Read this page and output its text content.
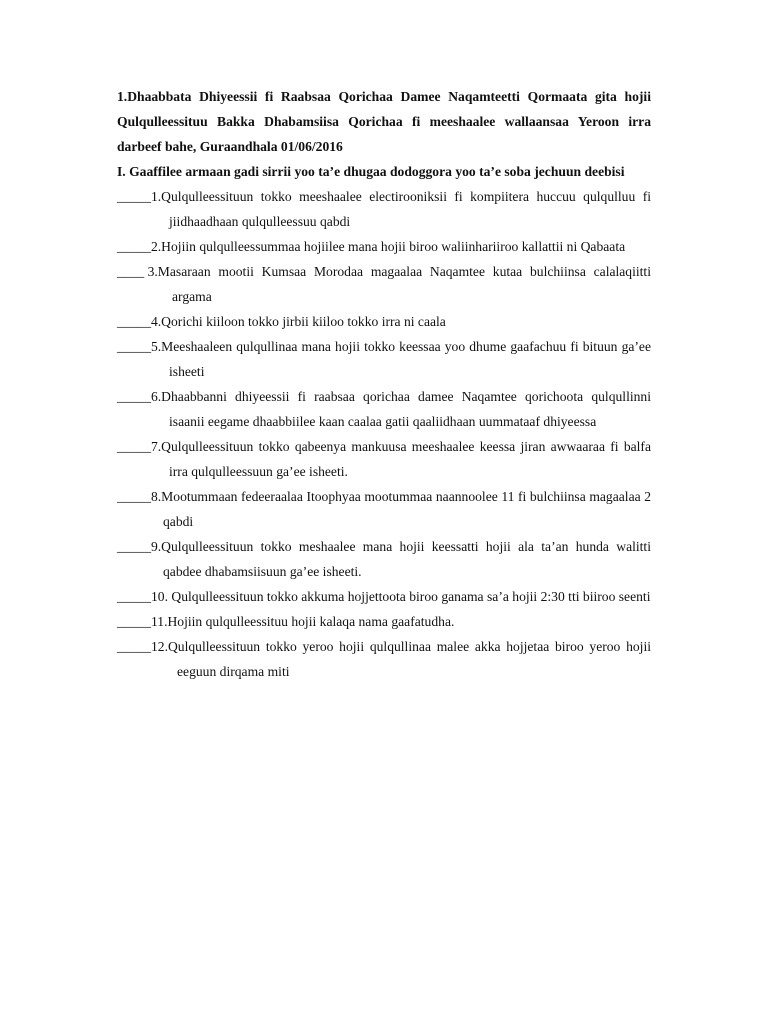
1.Dhaabbata Dhiyeessii fi Raabsaa Qorichaa Damee Naqamteetti Qormaata gita hojii Qulqulleessituu Bakka Dhabamsiisa Qorichaa fi meeshaalee wallaansaa Yeroon irra darbeef bahe, Guraandhala 01/06/2016

I. Gaaffilee armaan gadi sirrii yoo ta’e dhugaa dodoggora yoo ta’e soba jechuun deebisi

_____1.Qulqulleessituun tokko meeshaalee electirooniksii fi kompiitera huccuu qulqulluu fi jiidhaadhaan qulqulleessuu qabdi

_____2.Hojiin qulqulleessummaa hojiilee mana hojii biroo waliinhariiroo kallattii ni Qabaata

____ 3.Masaraan mootii Kumsaa Morodaa magaalaa Naqamtee kutaa bulchiinsa calalaqiitti argama

_____4.Qorichi kiiloon tokko jirbii kiiloo tokko irra ni caala

_____5.Meeshaaleen qulqullinaa mana hojii tokko keessaa yoo dhume gaafachuu fi bituun ga’ee isheeti

_____6.Dhaabbanni dhiyeessii fi raabsaa qorichaa damee Naqamtee qorichoota qulqullinni isaanii eegame dhaabbiilee kaan caalaa gatii qaaliidhaan uummataaf dhiyeessa

_____7.Qulqulleessituun tokko qabeenya mankuusa meeshaalee keessa jiran awwaaraa fi balfa irra qulqulleessuun ga’ee isheeti.

_____8.Mootummaan fedeeraalaa Itoophyaa mootummaa naannoolee 11 fi bulchiinsa magaalaa 2 qabdi

_____9.Qulqulleessituun tokko meshaalee mana hojii keessatti hojii ala ta’an hunda walitti qabdee dhabamsiisuun ga’ee isheeti.

_____10. Qulqulleessituun tokko akkuma hojjettoota biroo ganama sa’a hojii 2:30 tti biiroo seenti

_____11.Hojiin qulqulleessituu hojii kalaqa nama gaafatudha.

_____12.Qulqulleessituun tokko yeroo hojii qulqullinaa malee akka hojjetaa biroo yeroo hojii eeguun dirqama miti
